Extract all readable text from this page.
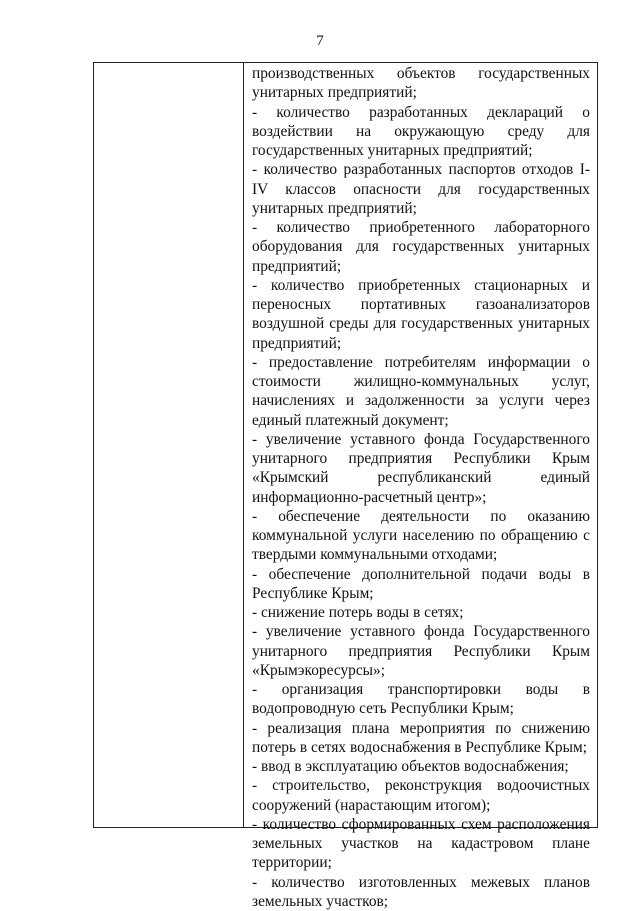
7

производственных объектов государственных унитарных предприятий;

- количество разработанных деклараций о воздействии на окружающую среду для государственных унитарных предприятий;

- количество разработанных паспортов отходов I-IV классов опасности для государственных унитарных предприятий;

- количество приобретенного лабораторного оборудования для государственных унитарных предприятий;

- количество приобретенных стационарных и переносных портативных газоанализаторов воздушной среды для государственных унитарных предприятий;

- предоставление потребителям информации о стоимости жилищно-коммунальных услуг, начислениях и задолженности за услуги через единый платежный документ;

- увеличение уставного фонда Государственного унитарного предприятия Республики Крым «Крымский республиканский единый информационно-расчетный центр»;

- обеспечение деятельности по оказанию коммунальной услуги населению по обращению с твердыми коммунальными отходами;

- обеспечение дополнительной подачи воды в Республике Крым;

- снижение потерь воды в сетях;

- увеличение уставного фонда Государственного унитарного предприятия Республики Крым «Крымэкоресурсы»;

- организация транспортировки воды в водопроводную сеть Республики Крым;

- реализация плана мероприятия по снижению потерь в сетях водоснабжения в Республике Крым;

- ввод в эксплуатацию объектов водоснабжения;

- строительство, реконструкция водоочистных сооружений (нарастающим итогом);

- количество сформированных схем расположения земельных участков на кадастровом плане территории;

- количество изготовленных межевых планов земельных участков;
